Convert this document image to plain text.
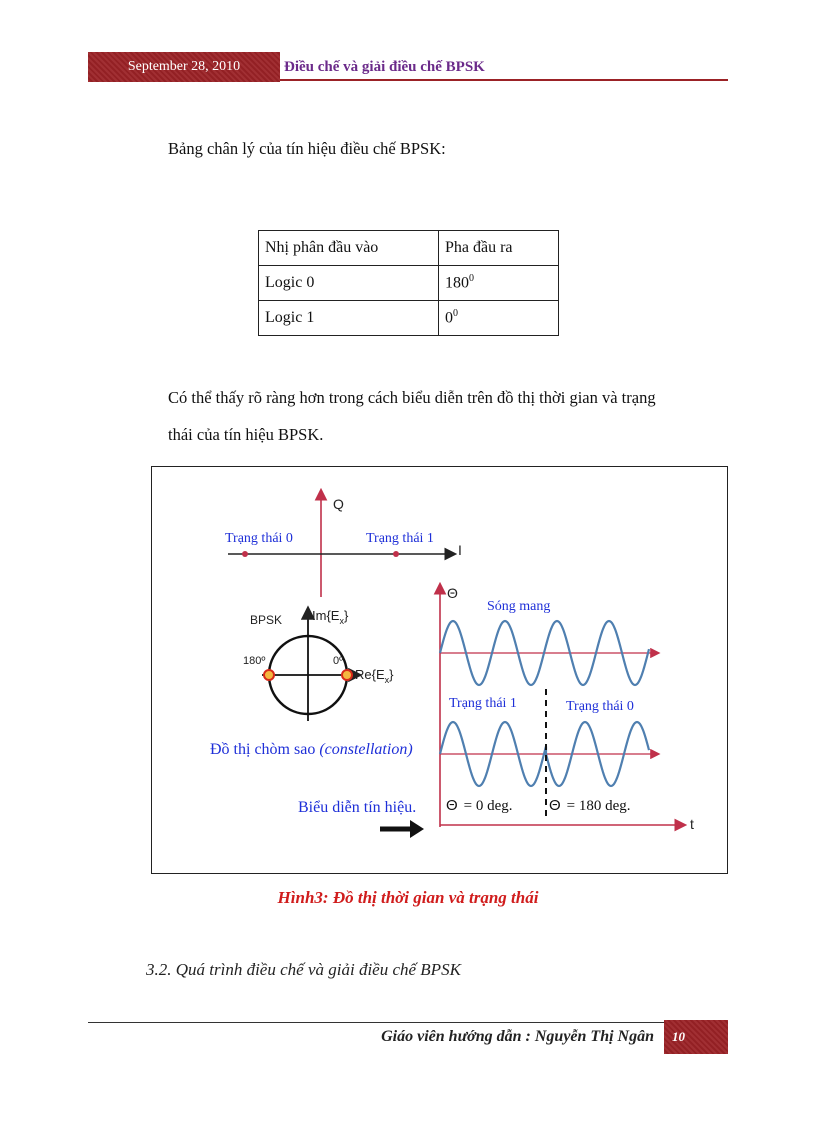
September 28, 2010	Điều chế và giải điều chế BPSK
Bảng chân lý của tín hiệu điều chế BPSK:
Nhị phân đầu vào	Pha đầu ra
Logic 0	$180^0$
Logic 1	$0^0$
Có thể thấy rõ ràng hơn trong cách biểu diễn trên đồ thị thời gian và trạng
thái của tín hiệu BPSK.
Q
I
Trạng thái 0	Trạng thái 1
BPSK $Im\{E_x\}$
$Re\{E_x\}$
180º	0º
Đồ thị chòm sao (constellation)
Biểu diễn tín hiệu.
Θ
t
Sóng mang
Trạng thái 1	Trạng thái 0
Θ = 0 deg. Θ = 180 deg.
Hình3: Đồ thị thời gian và trạng thái
3.2. Quá trình điều chế và giải điều chế BPSK
Giáo viên hướng dẫn : Nguyễn Thị Ngân	10
